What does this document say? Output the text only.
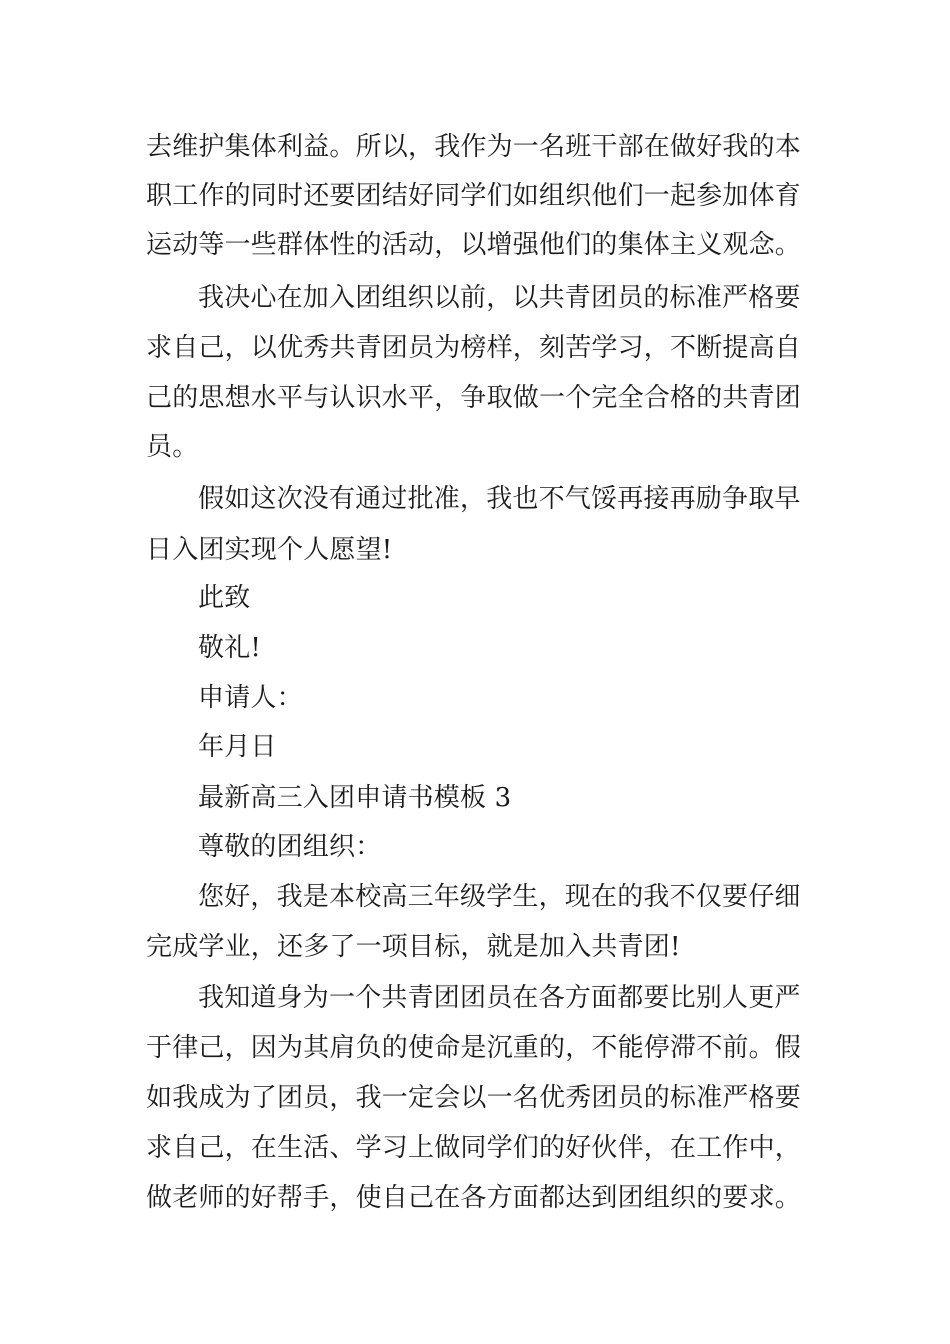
去维护集体利益。所以，我作为一名班干部在做好我的本
职工作的同时还要团结好同学们如组织他们一起参加体育
运动等一些群体性的活动，以增强他们的集体主义观念。
我决心在加入团组织以前，以共青团员的标准严格要
求自己，以优秀共青团员为榜样，刻苦学习，不断提高自
己的思想水平与认识水平，争取做一个完全合格的共青团
员。
假如这次没有通过批准，我也不气馁再接再励争取早
日入团实现个人愿望!
此致
敬礼!
申请人：
年月日
最新高三入团申请书模板 3
尊敬的团组织：
您好，我是本校高三年级学生，现在的我不仅要仔细
完成学业，还多了一项目标，就是加入共青团!
我知道身为一个共青团团员在各方面都要比别人更严
于律己，因为其肩负的使命是沉重的，不能停滞不前。假
如我成为了团员，我一定会以一名优秀团员的标准严格要
求自己，在生活、学习上做同学们的好伙伴，在工作中，
做老师的好帮手，使自己在各方面都达到团组织的要求。
